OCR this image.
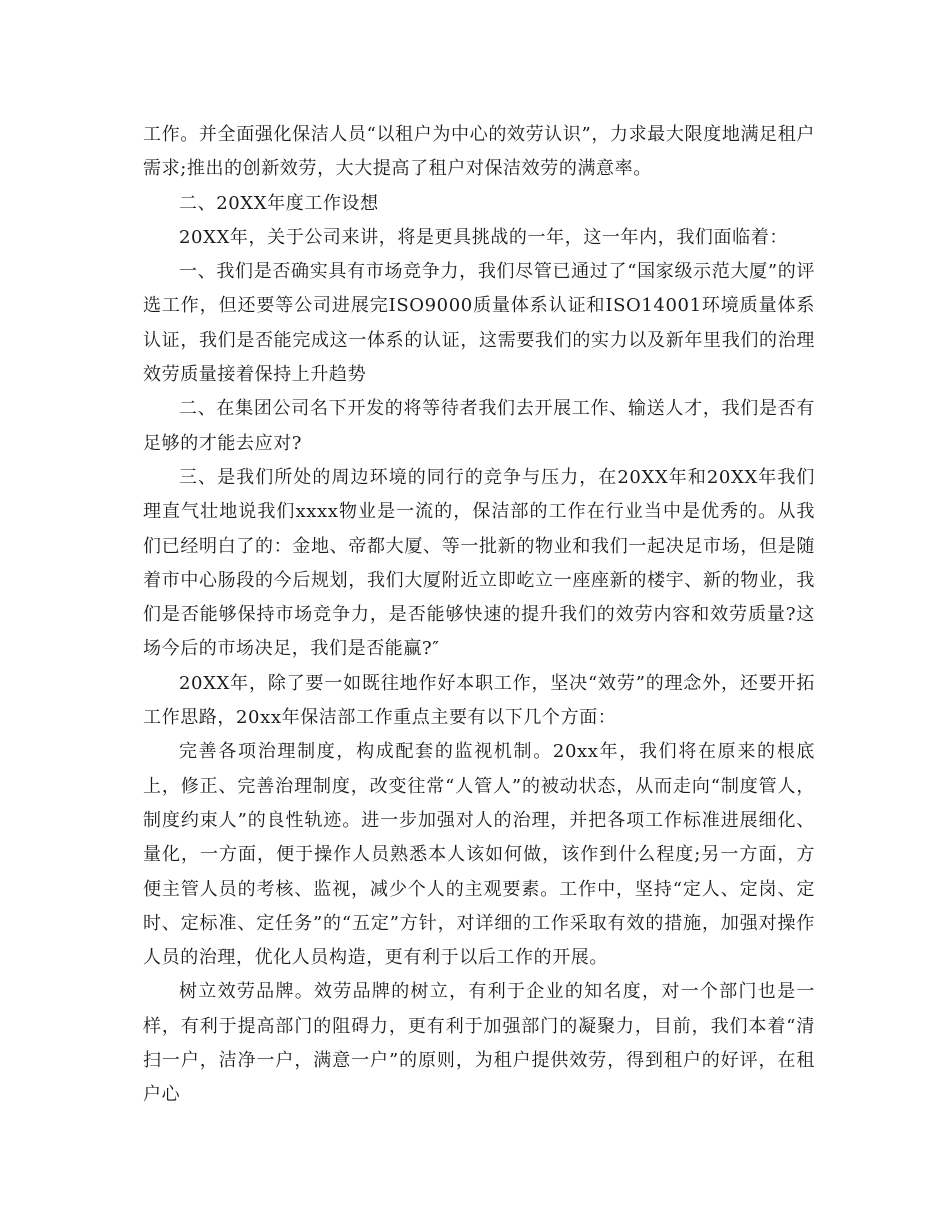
工作。并全面强化保洁人员“以租户为中心的效劳认识”，力求最大限度地满足租户需求;推出的创新效劳，大大提高了租户对保洁效劳的满意率。

二、20XX年度工作设想

20XX年，关于公司来讲，将是更具挑战的一年，这一年内，我们面临着：

一、我们是否确实具有市场竞争力，我们尽管已通过了“国家级示范大厦”的评选工作，但还要等公司进展完ISO9000质量体系认证和ISO14001环境质量体系认证，我们是否能完成这一体系的认证，这需要我们的实力以及新年里我们的治理效劳质量接着保持上升趋势

二、在集团公司名下开发的将等待者我们去开展工作、输送人才，我们是否有足够的才能去应对?

三、是我们所处的周边环境的同行的竞争与压力，在20XX年和20XX年我们理直气壮地说我们xxxx物业是一流的，保洁部的工作在行业当中是优秀的。从我们已经明白了的：金地、帝都大厦、等一批新的物业和我们一起决足市场，但是随着市中心肠段的今后规划，我们大厦附近立即屹立一座座新的楼宇、新的物业，我们是否能够保持市场竞争力，是否能够快速的提升我们的效劳内容和效劳质量?这场今后的市场决足，我们是否能赢?″

20XX年，除了要一如既往地作好本职工作，坚决“效劳”的理念外，还要开拓工作思路，20xx年保洁部工作重点主要有以下几个方面：

完善各项治理制度，构成配套的监视机制。20xx年，我们将在原来的根底上，修正、完善治理制度，改变往常“人管人”的被动状态，从而走向“制度管人，制度约束人”的良性轨迹。进一步加强对人的治理，并把各项工作标准进展细化、量化，一方面，便于操作人员熟悉本人该如何做，该作到什么程度;另一方面，方便主管人员的考核、监视，减少个人的主观要素。工作中，坚持“定人、定岗、定时、定标准、定任务”的“五定”方针，对详细的工作采取有效的措施，加强对操作人员的治理，优化人员构造，更有利于以后工作的开展。

树立效劳品牌。效劳品牌的树立，有利于企业的知名度，对一个部门也是一样，有利于提高部门的阻碍力，更有利于加强部门的凝聚力，目前，我们本着“清扫一户，洁净一户，满意一户”的原则，为租户提供效劳，得到租户的好评，在租户心
